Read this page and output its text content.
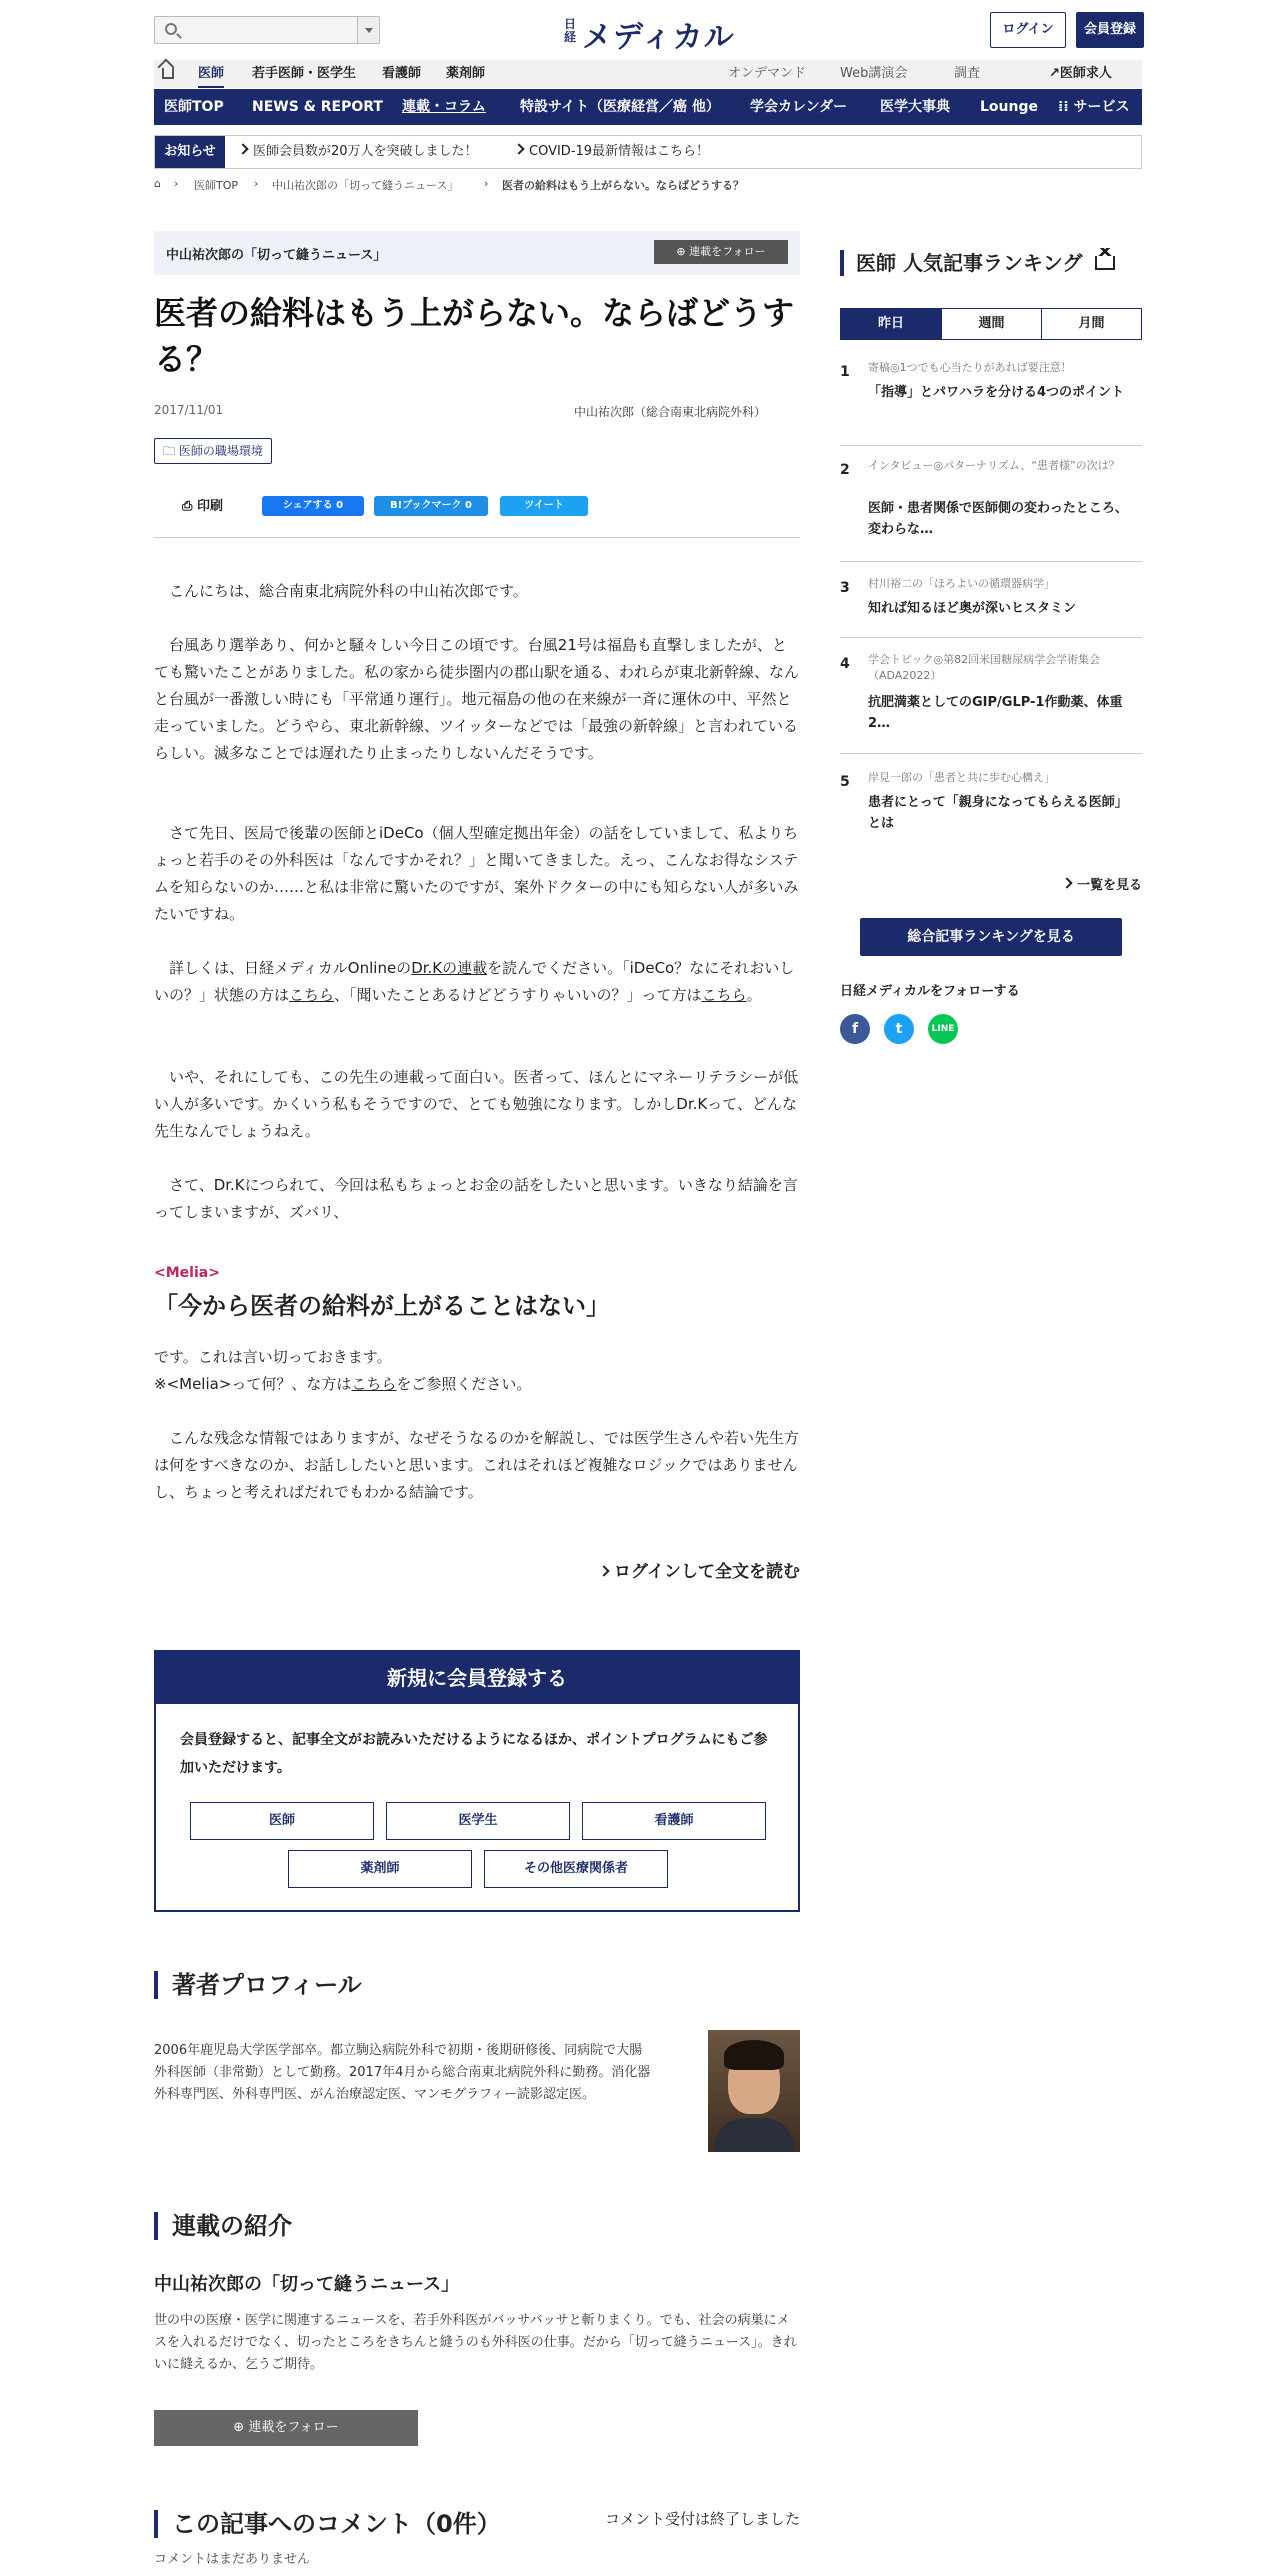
日経 メディカル	ログイン	会員登録
医師 若手医師・医学生 看護師 薬剤師	オンデマンド	Web講演会	調査	↗医師求人
医師TOP NEWS & REPORT 連載・コラム 特設サイト（医療経営／癌 他） 学会カレンダー 医学大事典 Lounge ⁞⁞ サービス
お知らせ	医師会員数が20万人を突破しました！	COVID-19最新情報はこちら！
⌂ › 医師TOP › 中山祐次郎の「切って縫うニュース」 › 医者の給料はもう上がらない。ならばどうする？
中山祐次郎の「切って縫うニュース」	⊕ 連載をフォロー
医者の給料はもう上がらない。ならばどうする？
2017/11/01	中山祐次郎（総合南東北病院外科）
🗀 医師の職場環境
⎙ 印刷	シェアする 0	B!ブックマーク 0	ツイート

　こんにちは、総合南東北病院外科の中山祐次郎です。

　台風あり選挙あり、何かと騒々しい今日この頃です。台風21号は福島も直撃しましたが、とても驚いたことがありました。私の家から徒歩圏内の郡山駅を通る、われらが東北新幹線、なんと台風が一番激しい時にも「平常通り運行」。地元福島の他の在来線が一斉に運休の中、平然と走っていました。どうやら、東北新幹線、ツイッターなどでは「最強の新幹線」と言われているらしい。滅多なことでは遅れたり止まったりしないんだそうです。

　さて先日、医局で後輩の医師とiDeCo（個人型確定拠出年金）の話をしていまして、私よりちょっと若手のその外科医は「なんですかそれ？」と聞いてきました。えっ、こんなお得なシステムを知らないのか……と私は非常に驚いたのですが、案外ドクターの中にも知らない人が多いみたいですね。

　詳しくは、日経メディカルOnlineのDr.Kの連載を読んでください。「iDeCo？なにそれおいしいの？」状態の方はこちら、「聞いたことあるけどどうすりゃいいの？」って方はこちら。

　いや、それにしても、この先生の連載って面白い。医者って、ほんとにマネーリテラシーが低い人が多いです。かくいう私もそうですので、とても勉強になります。しかしDr.Kって、どんな先生なんでしょうねえ。

　さて、Dr.Kにつられて、今回は私もちょっとお金の話をしたいと思います。いきなり結論を言ってしまいますが、ズバリ、

<Melia>
「今から医者の給料が上がることはない」

です。これは言い切っておきます。

※<Melia>って何？、な方はこちらをご参照ください。

　こんな残念な情報ではありますが、なぜそうなるのかを解説し、では医学生さんや若い先生方は何をすべきなのか、お話ししたいと思います。これはそれほど複雑なロジックではありませんし、ちょっと考えればだれでもわかる結論です。

ログインして全文を読む
新規に会員登録する

会員登録すると、記事全文がお読みいただけるようになるほか、ポイントプログラムにもご参加いただけます。

医師	医学生	看護師
薬剤師	その他医療関係者
著者プロフィール

2006年鹿児島大学医学部卒。都立駒込病院外科で初期・後期研修後、同病院で大腸外科医師（非常勤）として勤務。2017年4月から総合南東北病院外科に勤務。消化器外科専門医、外科専門医、がん治療認定医、マンモグラフィー読影認定医。

連載の紹介
中山祐次郎の「切って縫うニュース」

世の中の医療・医学に関連するニュースを、若手外科医がバッサバッサと斬りまくり。でも、社会の病巣にメスを入れるだけでなく、切ったところをきちんと縫うのも外科医の仕事。だから「切って縫うニュース」。きれいに縫えるか、乞うご期待。

⊕ 連載をフォロー
この記事へのコメント（0件）	コメント受付は終了しました
コメントはまだありません
医師 人気記事ランキング
昨日	週間	月間
1 寄稿◎1つでも心当たりがあれば要注意！
「指導」とパワハラを分ける4つのポイント
2 インタビュー◎パターナリズム、“患者様”の次は？
医師・患者関係で医師側の変わったところ、変わらな…
3 村川裕二の「ほろよいの循環器病学」
知れば知るほど奥が深いヒスタミン
4 学会トピック◎第82回米国糖尿病学会学術集会（ADA2022）
抗肥満薬としてのGIP/GLP-1作動薬、体重2…
5 岸見一郎の「患者と共に歩む心構え」
患者にとって「親身になってもらえる医師」とは
一覧を見る
総合記事ランキングを見る
日経メディカルをフォローする
f	t	LINE
